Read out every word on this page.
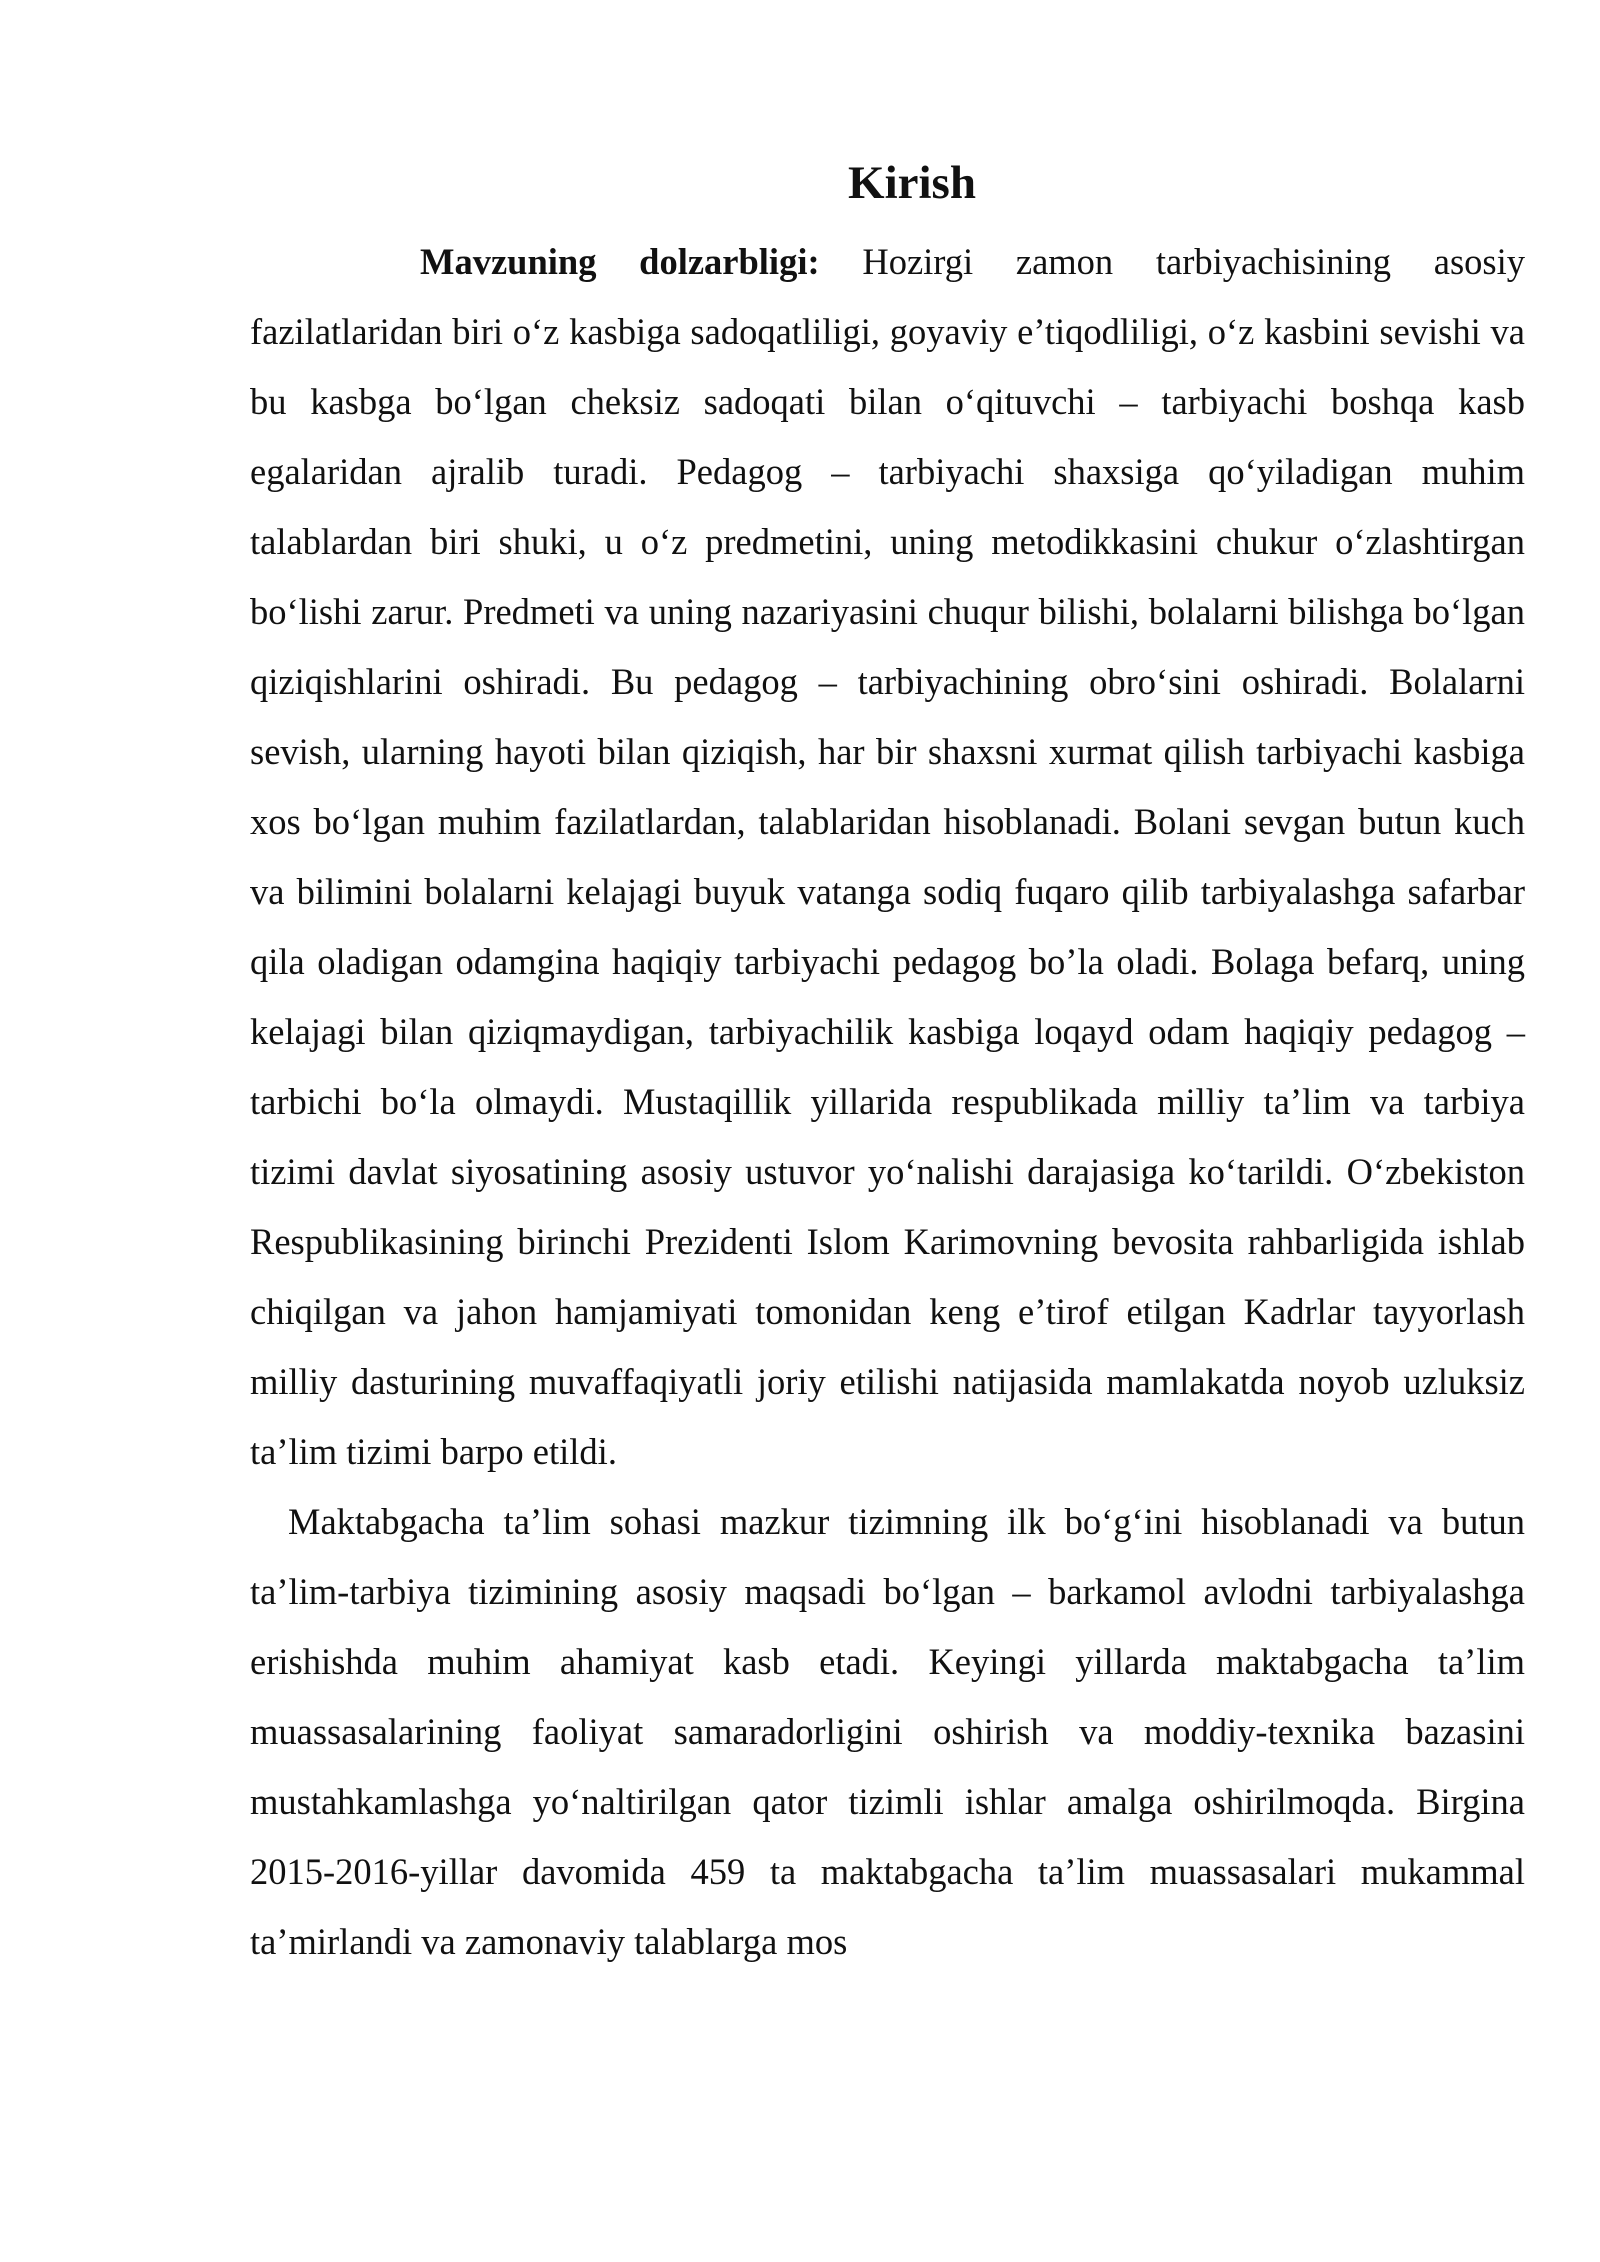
Kirish

Mavzuning dolzarbligi: Hozirgi zamon tarbiyachisining asosiy fazilatlaridan biri o‘z kasbiga sadoqatliligi, goyaviy e’tiqodliligi, o‘z kasbini sevishi va bu kasbga bo‘lgan cheksiz sadoqati bilan o‘qituvchi – tarbiyachi boshqa kasb egalaridan ajralib turadi. Pedagog – tarbiyachi shaxsiga qo‘yiladigan muhim talablardan biri shuki, u o‘z predmetini, uning metodikkasini chukur o‘zlashtirgan bo‘lishi zarur. Predmeti va uning nazariyasini chuqur bilishi, bolalarni bilishga bo‘lgan qiziqishlarini oshiradi. Bu pedagog – tarbiyachining obro‘sini oshiradi. Bolalarni sevish, ularning hayoti bilan qiziqish, har bir shaxsni xurmat qilish tarbiyachi kasbiga xos bo‘lgan muhim fazilatlardan, talablaridan hisoblanadi. Bolani sevgan butun kuch va bilimini bolalarni kelajagi buyuk vatanga sodiq fuqaro qilib tarbiyalashga safarbar qila oladigan odamgina haqiqiy tarbiyachi pedagog bo’la oladi. Bolaga befarq, uning kelajagi bilan qiziqmaydigan, tarbiyachilik kasbiga loqayd odam haqiqiy pedagog – tarbichi bo‘la olmaydi. Mustaqillik yillarida respublikada milliy ta’lim va tarbiya tizimi davlat siyosatining asosiy ustuvor yo‘nalishi darajasiga ko‘tarildi. O‘zbekiston Respublikasining birinchi Prezidenti Islom Karimovning bevosita rahbarligida ishlab chiqilgan va jahon hamjamiyati tomonidan keng e’tirof etilgan Kadrlar tayyorlash milliy dasturining muvaffaqiyatli joriy etilishi natijasida mamlakatda noyob uzluksiz ta’lim tizimi barpo etildi.

Maktabgacha ta’lim sohasi mazkur tizimning ilk bo‘g‘ini hisoblanadi va butun ta’lim-tarbiya tizimining asosiy maqsadi bo‘lgan – barkamol avlodni tarbiyalashga erishishda muhim ahamiyat kasb etadi. Keyingi yillarda maktabgacha ta’lim muassasalarining faoliyat samaradorligini oshirish va moddiy-texnika bazasini mustahkamlashga yo‘naltirilgan qator tizimli ishlar amalga oshirilmoqda. Birgina 2015-2016-yillar davomida 459 ta maktabgacha ta’lim muassasalari mukammal ta’mirlandi va zamonaviy talablarga mos
